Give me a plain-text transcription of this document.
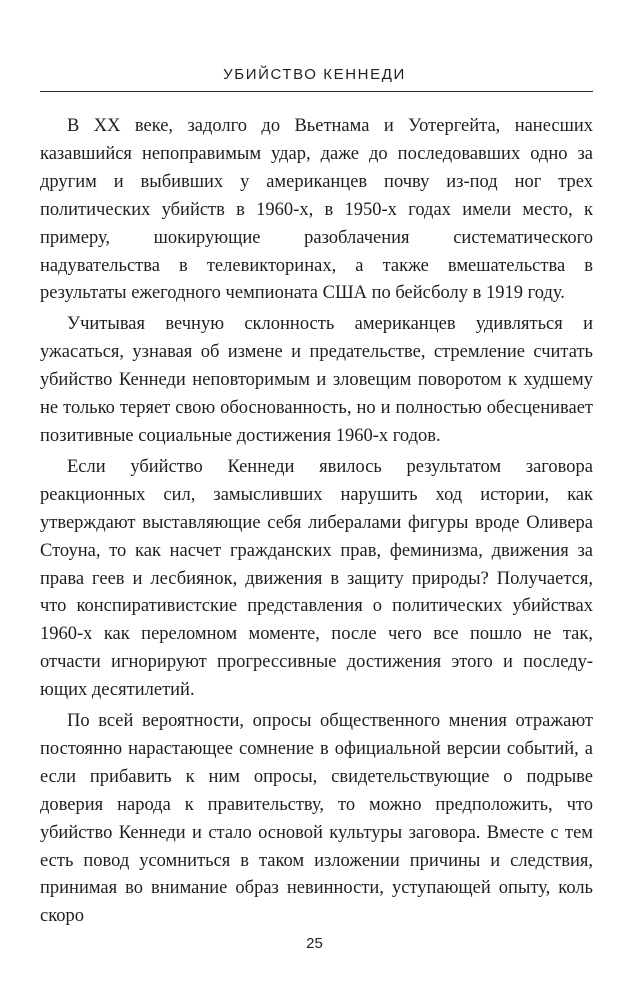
УБИЙСТВО КЕННЕДИ

В XX веке, задолго до Вьетнама и Уотергейта, нанесших казавшийся непоправимым удар, даже до последовавших одно за другим и выбивших у американцев почву из-под ног трех политических убийств в 1960-х, в 1950-х годах имели место, к примеру, шокирующие разоблачения систематического надувательства в телевикторинах, а также вмешательства в результаты ежегодного чемпионата США по бейсболу в 1919 году.

Учитывая вечную склонность американцев удивляться и ужасаться, узнавая об измене и предательстве, стремление считать убийство Кеннеди неповторимым и зловещим поворотом к худшему не только теряет свою обоснованность, но и полностью обесценивает позитивные социальные достижения 1960-х годов.

Если убийство Кеннеди явилось результатом заговора реакционных сил, замысливших нарушить ход истории, как утверждают выставляющие себя либералами фигуры вроде Оливера Стоуна, то как насчет гражданских прав, феминизма, движения за права геев и лесбиянок, движения в защиту природы? Получается, что конспиративистские представления о политических убийствах 1960-х как переломном моменте, после чего все пошло не так, отчасти игнорируют прогрессивные достижения этого и последующих десятилетий.

По всей вероятности, опросы общественного мнения отражают постоянно нарастающее сомнение в официальной версии событий, а если прибавить к ним опросы, свидетельствующие о подрыве доверия народа к правительству, то можно предположить, что убийство Кеннеди и стало основой культуры заговора. Вместе с тем есть повод усомниться в таком изложении причины и следствия, принимая во внимание образ невинности, уступающей опыту, коль скоро

25
